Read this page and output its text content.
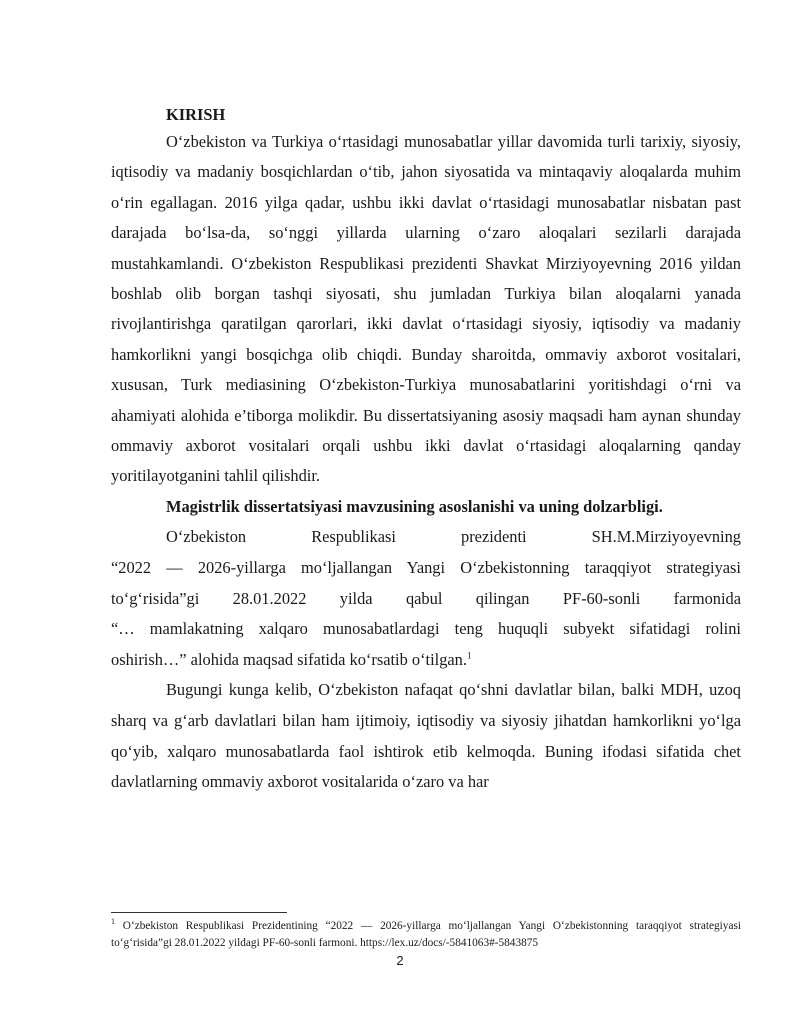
KIRISH

O‘zbekiston va Turkiya o‘rtasidagi munosabatlar yillar davomida turli tarixiy, siyosiy, iqtisodiy va madaniy bosqichlardan o‘tib, jahon siyosatida va mintaqaviy aloqalarda muhim o‘rin egallagan. 2016 yilga qadar, ushbu ikki davlat o‘rtasidagi munosabatlar nisbatan past darajada bo‘lsa-da, so‘nggi yillarda ularning o‘zaro aloqalari sezilarli darajada mustahkamlandi. O‘zbekiston Respublikasi prezidenti Shavkat Mirziyoyevning 2016 yildan boshlab olib borgan tashqi siyosati, shu jumladan Turkiya bilan aloqalarni yanada rivojlantirishga qaratilgan qarorlari, ikki davlat o‘rtasidagi siyosiy, iqtisodiy va madaniy hamkorlikni yangi bosqichga olib chiqdi. Bunday sharoitda, ommaviy axborot vositalari, xususan, Turk mediasining O‘zbekiston-Turkiya munosabatlarini yoritishdagi o‘rni va ahamiyati alohida e’tiborga molikdir. Bu dissertatsiyaning asosiy maqsadi ham aynan shunday ommaviy axborot vositalari orqali ushbu ikki davlat o‘rtasidagi aloqalarning qanday yoritilayotganini tahlil qilishdir.

Magistrlik dissertatsiyasi mavzusining asoslanishi va uning dolzarbligi.

O‘zbekiston Respublikasi prezidenti SH.M.Mirziyoyevning

“2022 — 2026-yillarga mo‘ljallangan Yangi O‘zbekistonning taraqqiyot strategiyasi

to‘g‘risida”gi 28.01.2022 yilda qabul qilingan PF-60-sonli farmonida

“… mamlakatning xalqaro munosabatlardagi teng huquqli subyekt sifatidagi rolini

oshirish…” alohida maqsad sifatida ko‘rsatib o‘tilgan.$^1$

Bugungi kunga kelib, O‘zbekiston nafaqat qo‘shni davlatlar bilan, balki MDH, uzoq sharq va g‘arb davlatlari bilan ham ijtimoiy, iqtisodiy va siyosiy jihatdan hamkorlikni yo‘lga qo‘yib, xalqaro munosabatlarda faol ishtirok etib kelmoqda. Buning ifodasi sifatida chet davlatlarning ommaviy axborot vositalarida o‘zaro va har

$^1$ O‘zbekiston Respublikasi Prezidentining “2022 — 2026-yillarga mo‘ljallangan Yangi O‘zbekistonning taraqqiyot strategiyasi to‘g‘risida”gi 28.01.2022 yildagi PF-60-sonli farmoni. https://lex.uz/docs/-5841063#-5843875

2
